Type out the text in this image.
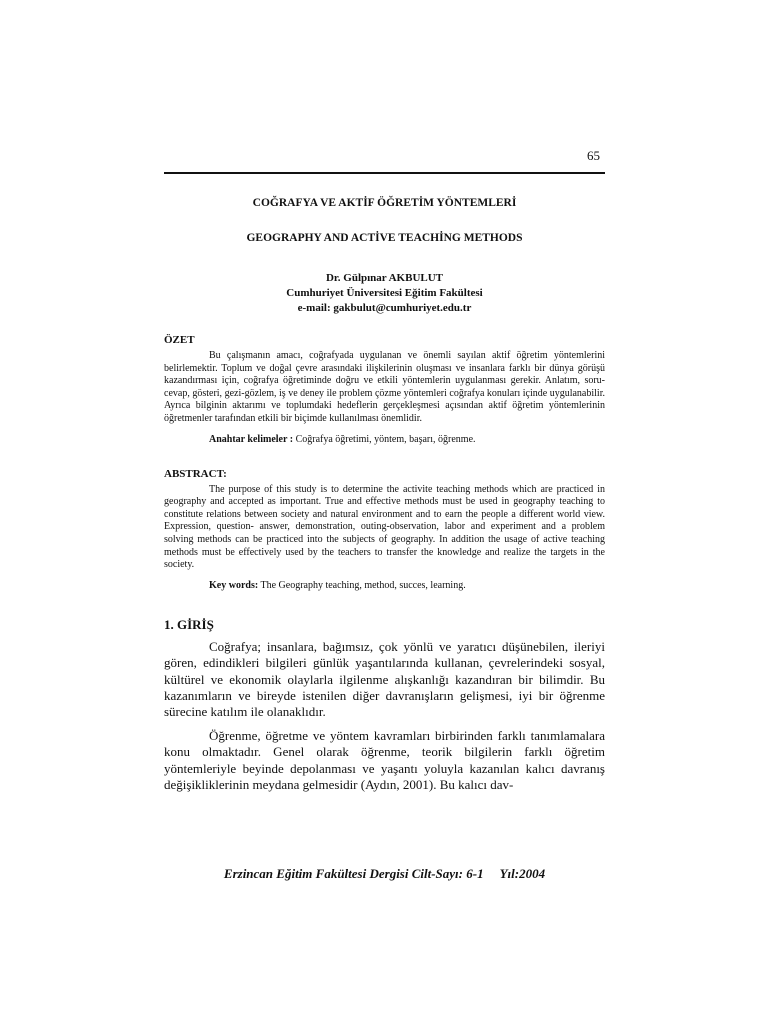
65

COĞRAFYA VE AKTİF ÖĞRETİM YÖNTEMLERİ

GEOGRAPHY AND ACTİVE TEACHİNG METHODS

Dr. Gülpınar AKBULUT
Cumhuriyet Üniversitesi Eğitim Fakültesi
e-mail: gakbulut@cumhuriyet.edu.tr

ÖZET

Bu çalışmanın amacı, coğrafyada uygulanan ve önemli sayılan aktif öğretim yöntemlerini belirlemektir. Toplum ve doğal çevre arasındaki ilişkilerinin oluşması ve insanlara farklı bir dünya görüşü kazandırması için, coğrafya öğretiminde doğru ve etkili yöntemlerin uygulanması gerekir. Anlatım, soru- cevap, gösteri, gezi-gözlem, iş ve deney ile problem çözme yöntemleri coğrafya konuları içinde uygulanabilir. Ayrıca bilginin aktarımı ve toplumdaki hedeflerin gerçekleşmesi açısından aktif öğretim yöntemlerinin öğretmenler tarafından etkili bir biçimde kullanılması önemlidir.

Anahtar kelimeler : Coğrafya öğretimi, yöntem, başarı, öğrenme.

ABSTRACT:

The purpose of this study is to determine the activite teaching methods which are practiced in geography and accepted as important. True and effective methods must be used in geography teaching to constitute relations between society and natural environment and to earn the people a different world view. Expression, question- answer, demonstration, outing-observation, labor and experiment and a problem solving methods can be practiced into the subjects of geography. In addition the usage of active teaching methods must be effectively used by the teachers to transfer the knowledge and realize the targets in the society.

Key words: The Geography teaching, method, succes, learning.

1. GİRİŞ

Coğrafya; insanlara, bağımsız, çok yönlü ve yaratıcı düşünebilen, ileriyi gören, edindikleri bilgileri günlük yaşantılarında kullanan, çevrelerindeki sosyal, kültürel ve ekonomik olaylarla ilgilenme alışkanlığı kazandıran bir bilimdir. Bu kazanımların ve bireyde istenilen diğer davranışların gelişmesi, iyi bir öğrenme sürecine katılım ile olanaklıdır.

Öğrenme, öğretme ve yöntem kavramları birbirinden farklı tanımlamalara konu olmaktadır. Genel olarak öğrenme, teorik bilgilerin farklı öğretim yöntemleriyle beyinde depolanması ve yaşantı yoluyla kazanılan kalıcı davranış değişikliklerinin meydana gelmesidir (Aydın, 2001). Bu kalıcı dav-

Erzincan Eğitim Fakültesi Dergisi Cilt-Sayı: 6-1     Yıl:2004
